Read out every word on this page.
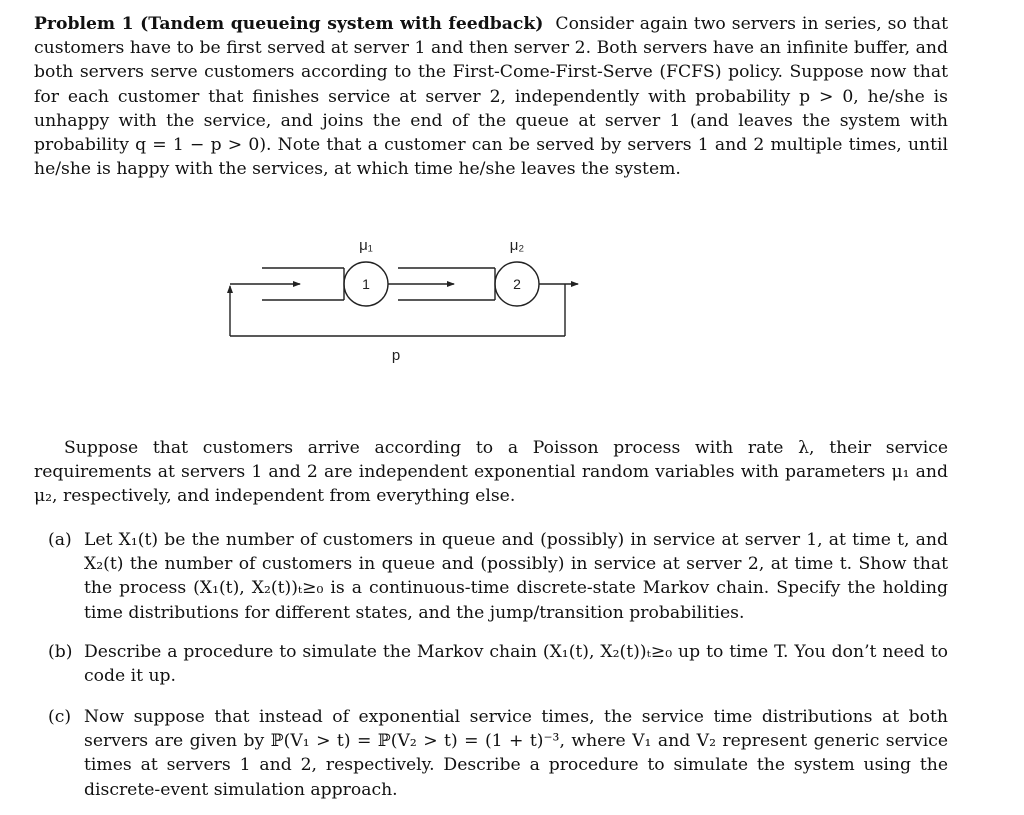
Problem 1 (Tandem queueing system with feedback) Consider again two servers in series, so that customers have to be first served at server 1 and then server 2. Both servers have an infinite buffer, and both servers serve customers according to the First-Come-First-Serve (FCFS) policy. Suppose now that for each customer that finishes service at server 2, independently with probability p > 0, he/she is unhappy with the service, and joins the end of the queue at server 1 (and leaves the system with probability q = 1 − p > 0). Note that a customer can be served by servers 1 and 2 multiple times, until he/she is happy with the services, at which time he/she leaves the system.

μ₁	μ₂
1	2
p

Suppose that customers arrive according to a Poisson process with rate λ, their service requirements at servers 1 and 2 are independent exponential random variables with parameters μ₁ and μ₂, respectively, and independent from everything else.

(a) Let X₁(t) be the number of customers in queue and (possibly) in service at server 1, at time t, and X₂(t) the number of customers in queue and (possibly) in service at server 2, at time t. Show that the process (X₁(t), X₂(t))ₜ≥₀ is a continuous-time discrete-state Markov chain. Specify the holding time distributions for different states, and the jump/transition probabilities.
(b) Describe a procedure to simulate the Markov chain (X₁(t), X₂(t))ₜ≥₀ up to time T. You don’t need to code it up.
(c) Now suppose that instead of exponential service times, the service time distributions at both servers are given by ℙ(V₁ > t) = ℙ(V₂ > t) = (1 + t)⁻³, where V₁ and V₂ represent generic service times at servers 1 and 2, respectively. Describe a procedure to simulate the system using the discrete-event simulation approach.
